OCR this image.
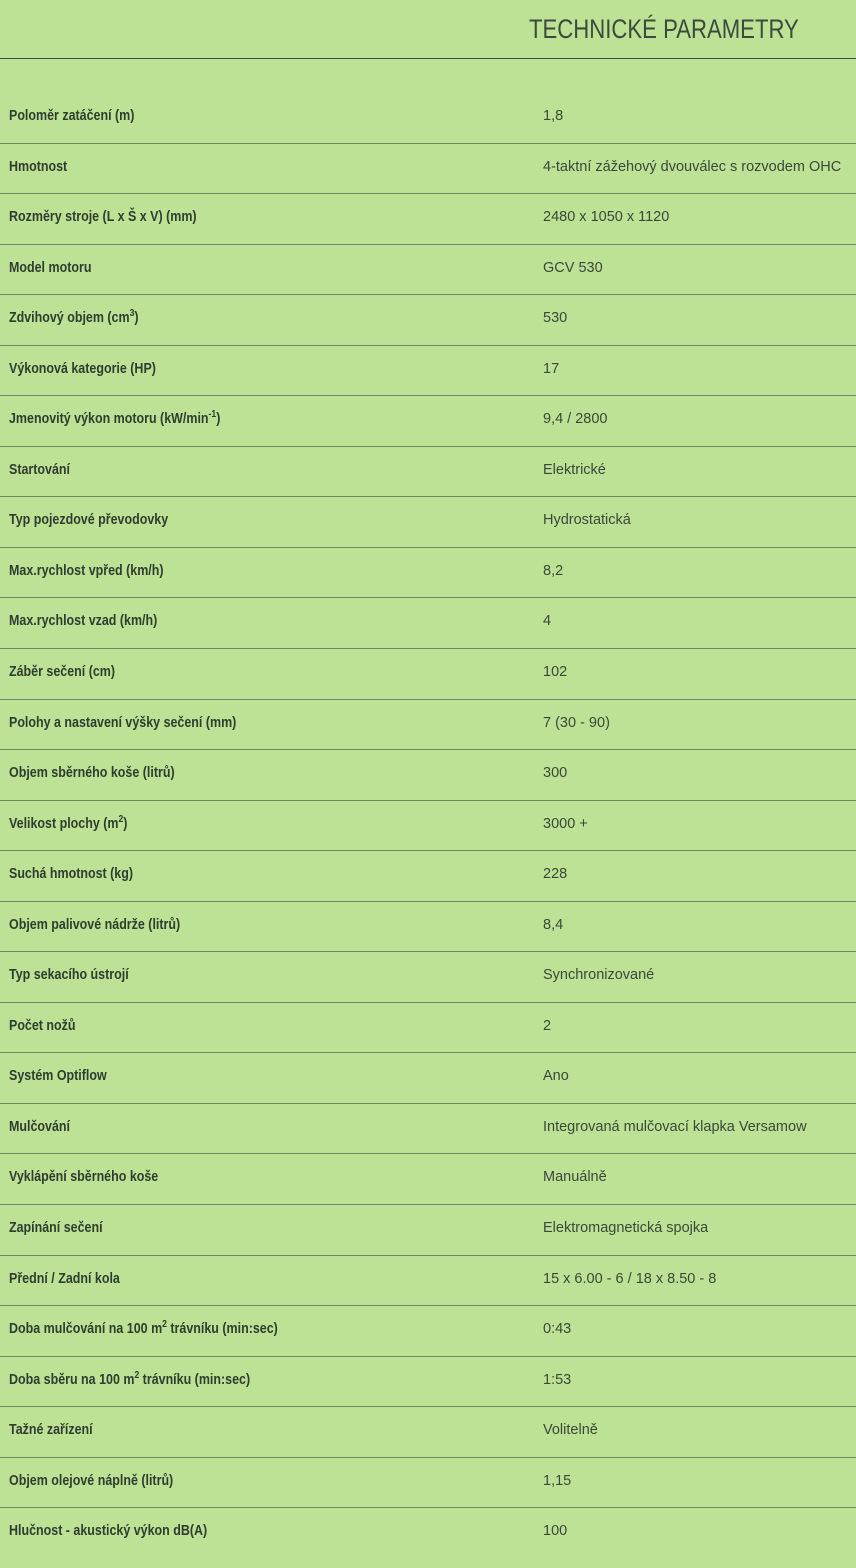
TECHNICKÉ PARAMETRY
Poloměr zatáčení (m)	1,8
Hmotnost	4-taktní zážehový dvouválec s rozvodem OHC
Rozměry stroje (L x Š x V) (mm)	2480 x 1050 x 1120
Model motoru	GCV 530
Zdvihový objem $(cm^3)$	530
Výkonová kategorie (HP)	17
Jmenovitý výkon motoru $(kW/\min^{-1})$	9,4 / 2800
Startování	Elektrické
Typ pojezdové převodovky	Hydrostatická
Max.rychlost vpřed (km/h)	8,2
Max.rychlost vzad (km/h)	4
Záběr sečení (cm)	102
Polohy a nastavení výšky sečení (mm)	7 (30 - 90)
Objem sběrného koše (litrů)	300
Velikost plochy $(m^2)$	3000 +
Suchá hmotnost (kg)	228
Objem palivové nádrže (litrů)	8,4
Typ sekacího ústrojí	Synchronizované
Počet nožů	2
Systém Optiflow	Ano
Mulčování	Integrovaná mulčovací klapka Versamow
Vyklápění sběrného koše	Manuálně
Zapínání sečení	Elektromagnetická spojka
Přední / Zadní kola	15 x 6.00 - 6 / 18 x 8.50 - 8
Doba mulčování na 100 $m^2$ trávníku (min:sec)	0:43
Doba sběru na 100 $m^2$ trávníku (min:sec)	1:53
Tažné zařízení	Volitelně
Objem olejové náplně (litrů)	1,15
Hlučnost - akustický výkon dB(A)	100
